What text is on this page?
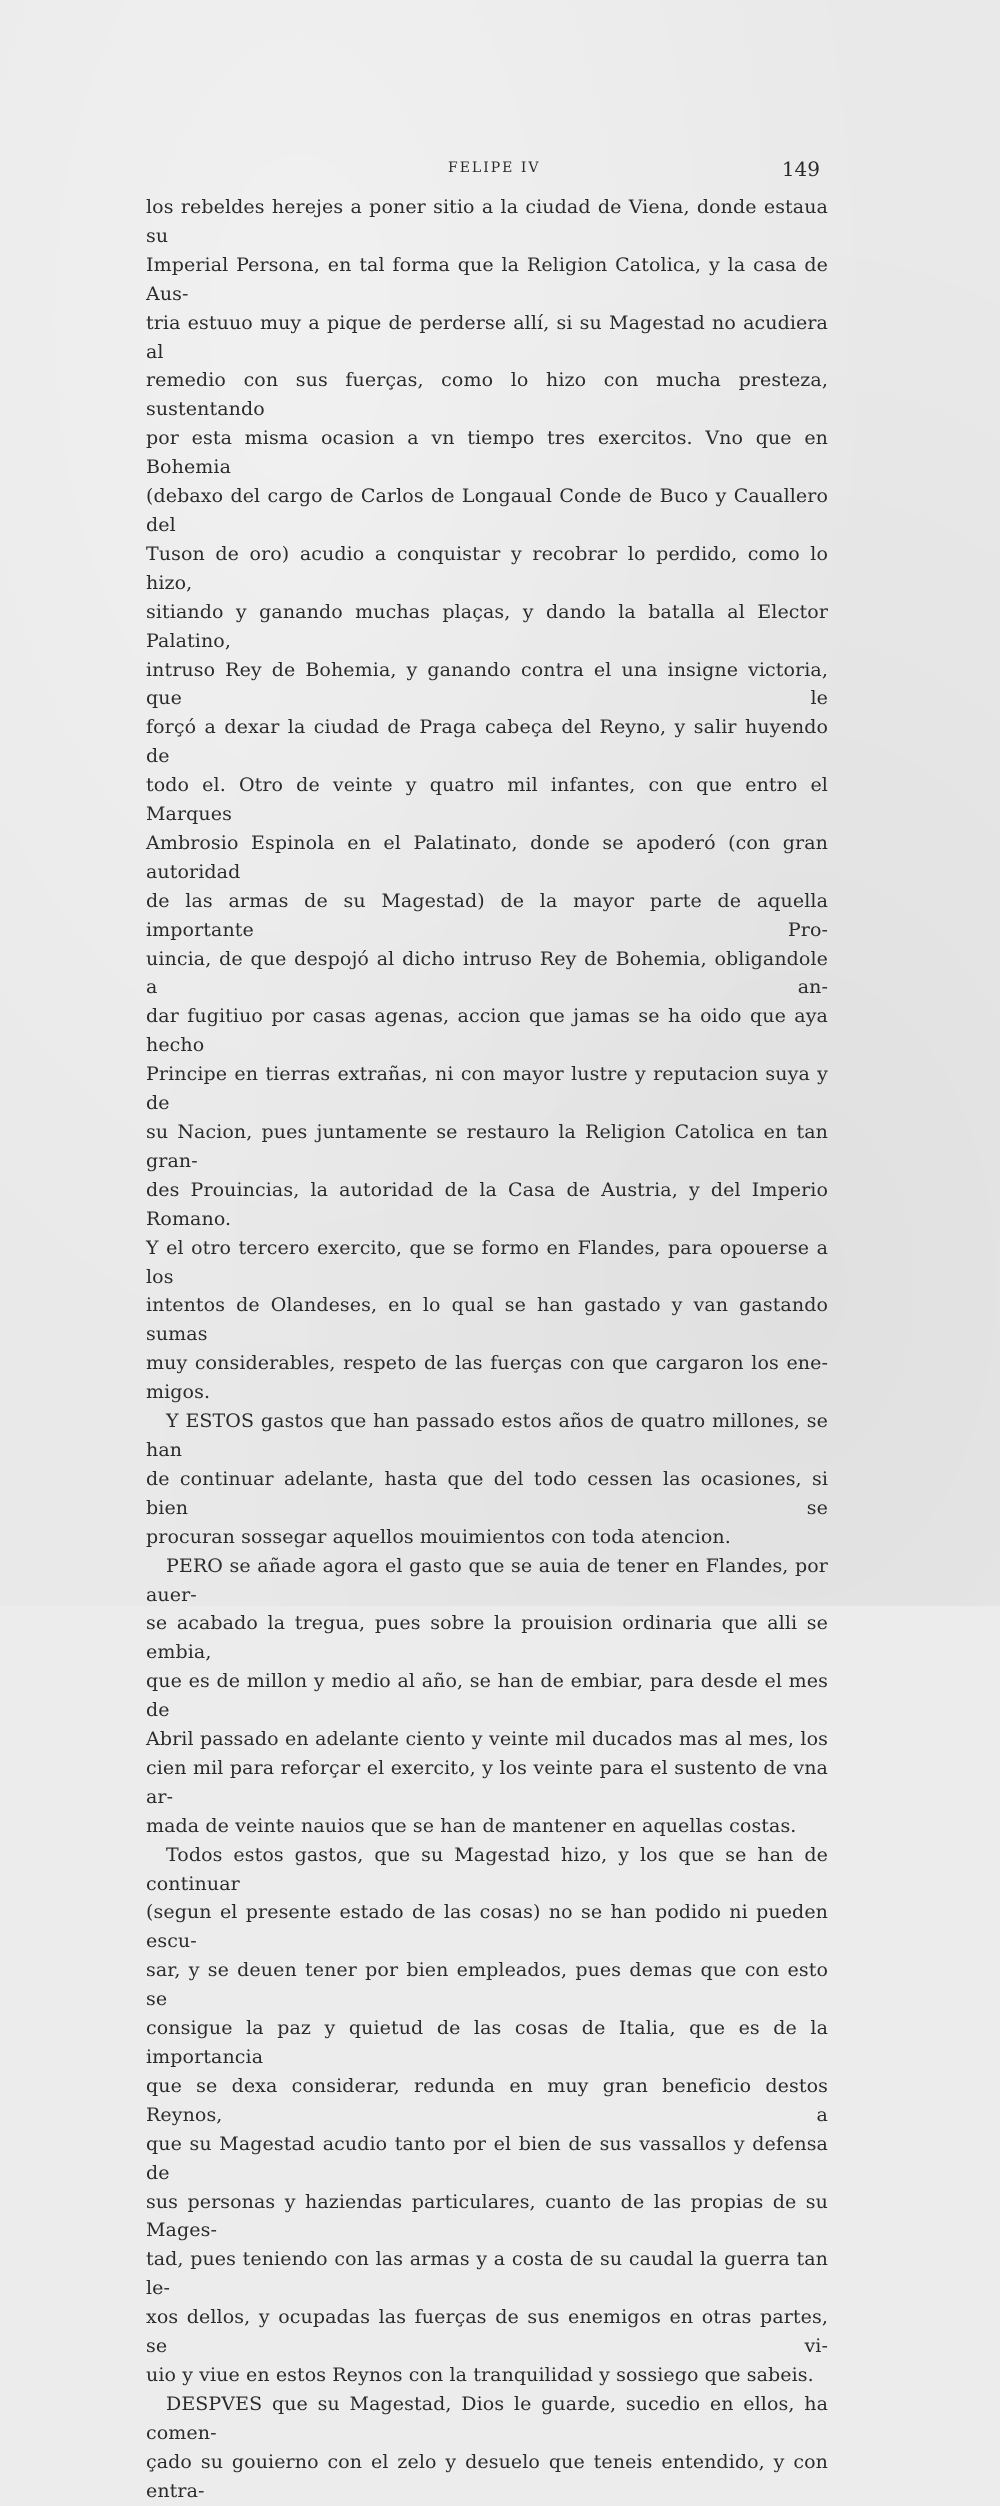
FELIPE IV	149

los rebeldes herejes a poner sitio a la ciudad de Viena, donde estaua su

Imperial Persona, en tal forma que la Religion Catolica, y la casa de Aus-

tria estuuo muy a pique de perderse allí, si su Magestad no acudiera al

remedio con sus fuerças, como lo hizo con mucha presteza, sustentando

por esta misma ocasion a vn tiempo tres exercitos. Vno que en Bohemia

(debaxo del cargo de Carlos de Longaual Conde de Buco y Cauallero del

Tuson de oro) acudio a conquistar y recobrar lo perdido, como lo hizo,

sitiando y ganando muchas plaças, y dando la batalla al Elector Palatino,

intruso Rey de Bohemia, y ganando contra el una insigne victoria, que le

forçó a dexar la ciudad de Praga cabeça del Reyno, y salir huyendo de

todo el. Otro de veinte y quatro mil infantes, con que entro el Marques

Ambrosio Espinola en el Palatinato, donde se apoderó (con gran autoridad

de las armas de su Magestad) de la mayor parte de aquella importante Pro-

uincia, de que despojó al dicho intruso Rey de Bohemia, obligandole a an-

dar fugitiuo por casas agenas, accion que jamas se ha oido que aya hecho

Principe en tierras extrañas, ni con mayor lustre y reputacion suya y de

su Nacion, pues juntamente se restauro la Religion Catolica en tan gran-

des Prouincias, la autoridad de la Casa de Austria, y del Imperio Romano.

Y el otro tercero exercito, que se formo en Flandes, para opouerse a los

intentos de Olandeses, en lo qual se han gastado y van gastando sumas

muy considerables, respeto de las fuerças con que cargaron los ene-

migos.

Y ESTOS gastos que han passado estos años de quatro millones, se han

de continuar adelante, hasta que del todo cessen las ocasiones, si bien se

procuran sossegar aquellos mouimientos con toda atencion.

PERO se añade agora el gasto que se auia de tener en Flandes, por auer-

se acabado la tregua, pues sobre la prouision ordinaria que alli se embia,

que es de millon y medio al año, se han de embiar, para desde el mes de

Abril passado en adelante ciento y veinte mil ducados mas al mes, los

cien mil para reforçar el exercito, y los veinte para el sustento de vna ar-

mada de veinte nauios que se han de mantener en aquellas costas.

Todos estos gastos, que su Magestad hizo, y los que se han de continuar

(segun el presente estado de las cosas) no se han podido ni pueden escu-

sar, y se deuen tener por bien empleados, pues demas que con esto se

consigue la paz y quietud de las cosas de Italia, que es de la importancia

que se dexa considerar, redunda en muy gran beneficio destos Reynos, a

que su Magestad acudio tanto por el bien de sus vassallos y defensa de

sus personas y haziendas particulares, cuanto de las propias de su Mages-

tad, pues teniendo con las armas y a costa de su caudal la guerra tan le-

xos dellos, y ocupadas las fuerças de sus enemigos en otras partes, se vi-

uio y viue en estos Reynos con la tranquilidad y sossiego que sabeis.

DESPVES que su Magestad, Dios le guarde, sucedio en ellos, ha comen-

çado su gouierno con el zelo y desuelo que teneis entendido, y con entra-
